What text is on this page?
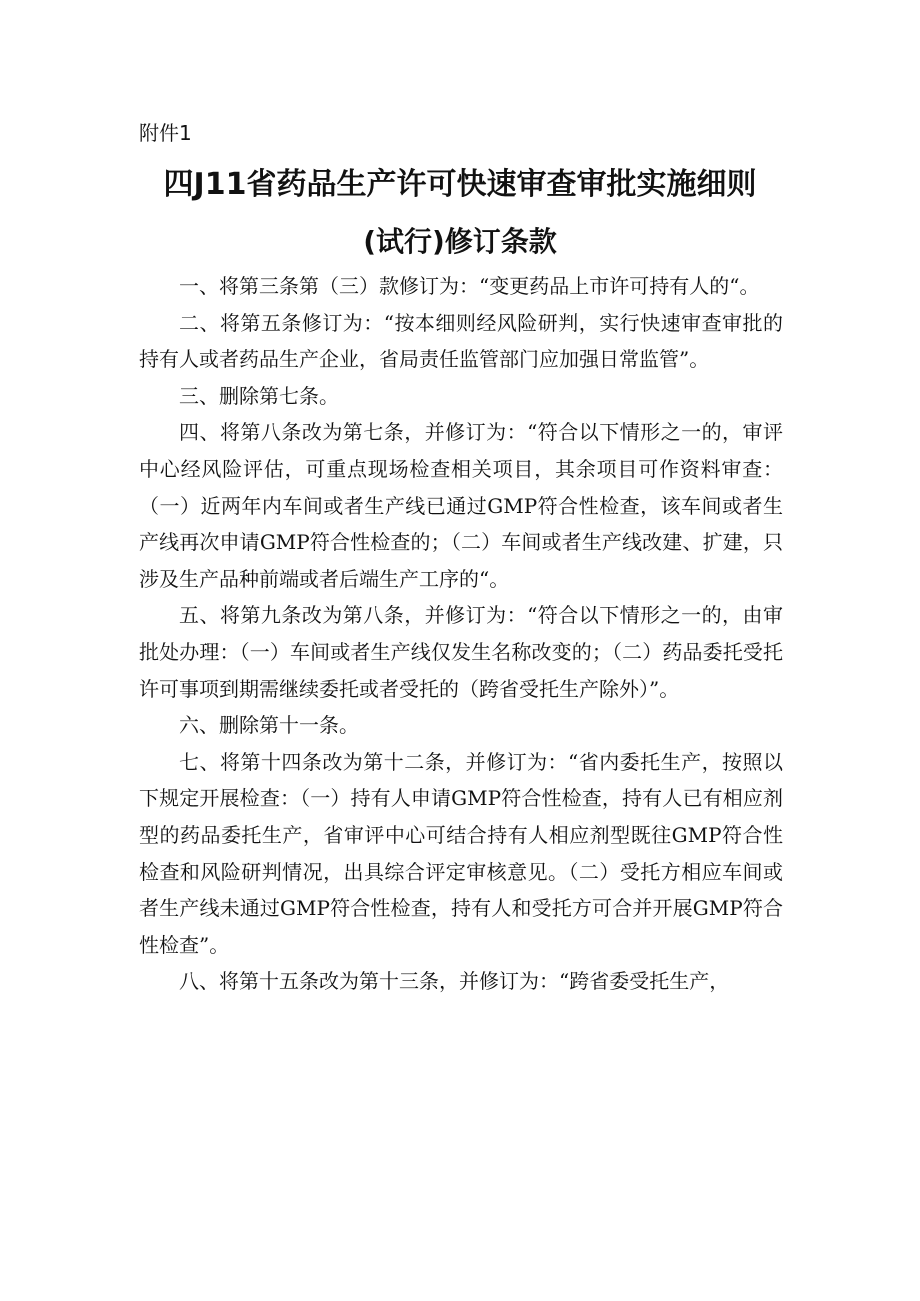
附件1
四J11省药品生产许可快速审查审批实施细则
(试行)修订条款

一、将第三条第（三）款修订为：“变更药品上市许可持有人的“。

二、将第五条修订为：“按本细则经风险研判，实行快速审查审批的持有人或者药品生产企业，省局责任监管部门应加强日常监管”。

三、删除第七条。

四、将第八条改为第七条，并修订为：“符合以下情形之一的，审评中心经风险评估，可重点现场检查相关项目，其余项目可作资料审查：（一）近两年内车间或者生产线已通过GMP符合性检查，该车间或者生产线再次申请GMP符合性检查的；（二）车间或者生产线改建、扩建，只涉及生产品种前端或者后端生产工序的“。

五、将第九条改为第八条，并修订为：“符合以下情形之一的，由审批处办理：（一）车间或者生产线仅发生名称改变的；（二）药品委托受托许可事项到期需继续委托或者受托的（跨省受托生产除外）”。

六、删除第十一条。

七、将第十四条改为第十二条，并修订为：“省内委托生产，按照以下规定开展检查：（一）持有人申请GMP符合性检查，持有人已有相应剂型的药品委托生产，省审评中心可结合持有人相应剂型既往GMP符合性检查和风险研判情况，出具综合评定审核意见。（二）受托方相应车间或者生产线未通过GMP符合性检查，持有人和受托方可合并开展GMP符合性检查”。

八、将第十五条改为第十三条，并修订为：“跨省委受托生产，
